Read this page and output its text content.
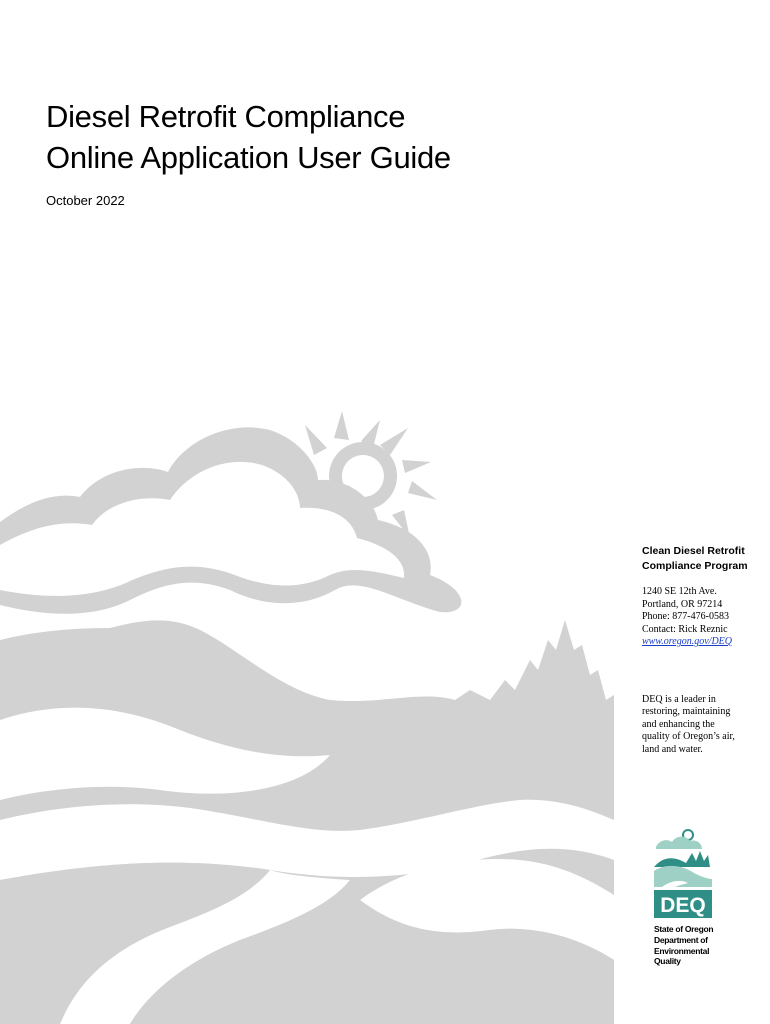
Diesel Retrofit Compliance
Online Application User Guide
October 2022
Clean Diesel Retrofit
Compliance Program
1240 SE 12th Ave.
Portland, OR 97214
Phone: 877-476-0583
Contact: Rick Reznic
www.oregon.gov/DEQ
DEQ is a leader in
restoring, maintaining
and enhancing the
quality of Oregon’s air,
land and water.
DEQ
State of Oregon
Department of
Environmental
Quality
